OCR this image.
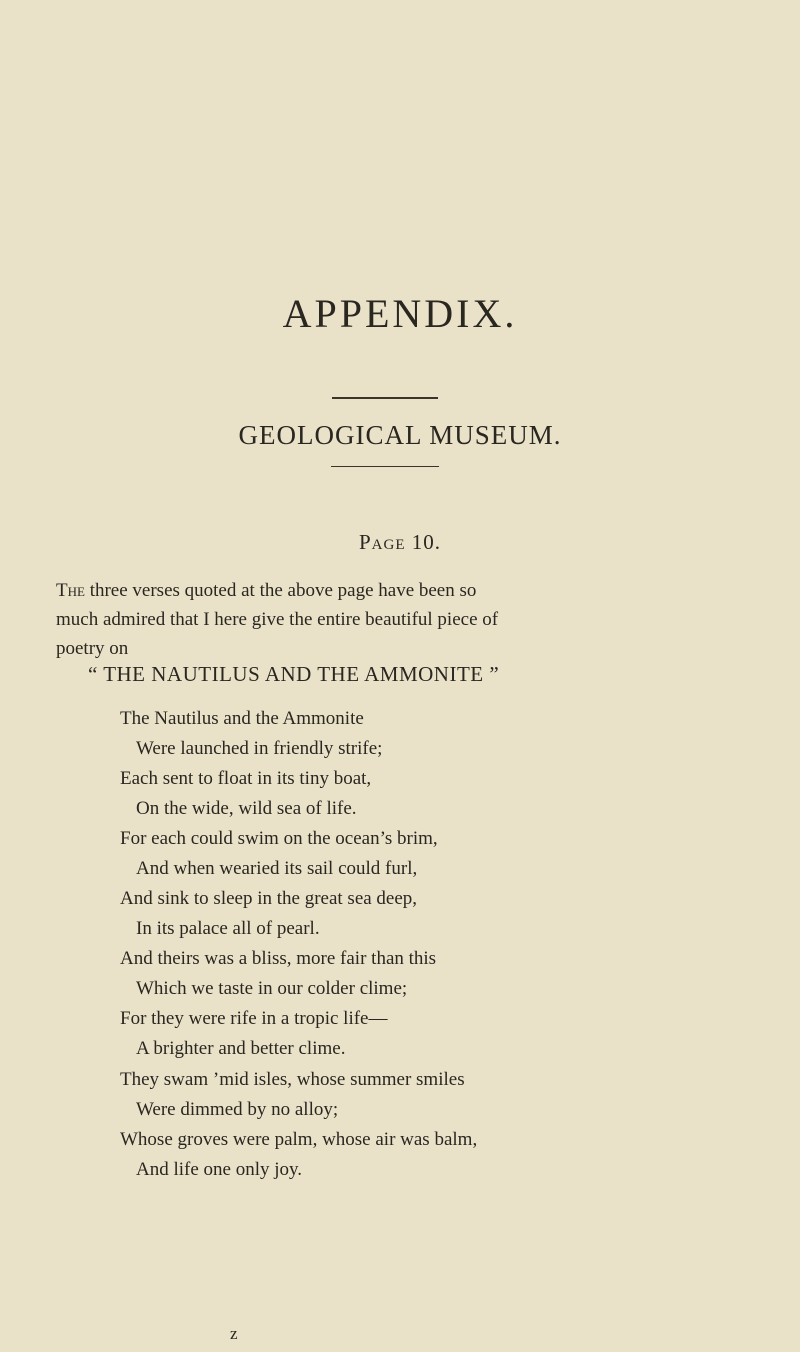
APPENDIX.
GEOLOGICAL MUSEUM.
Page 10.
The three verses quoted at the above page have been so
much admired that I here give the entire beautiful piece of
poetry on
“ THE NAUTILUS AND THE AMMONITE ”
The Nautilus and the Ammonite
Were launched in friendly strife;
Each sent to float in its tiny boat,
On the wide, wild sea of life.
For each could swim on the ocean’s brim,
And when wearied its sail could furl,
And sink to sleep in the great sea deep,
In its palace all of pearl.
And theirs was a bliss, more fair than this
Which we taste in our colder clime;
For they were rife in a tropic life—
A brighter and better clime.
They swam ’mid isles, whose summer smiles
Were dimmed by no alloy;
Whose groves were palm, whose air was balm,
And life one only joy.
z
